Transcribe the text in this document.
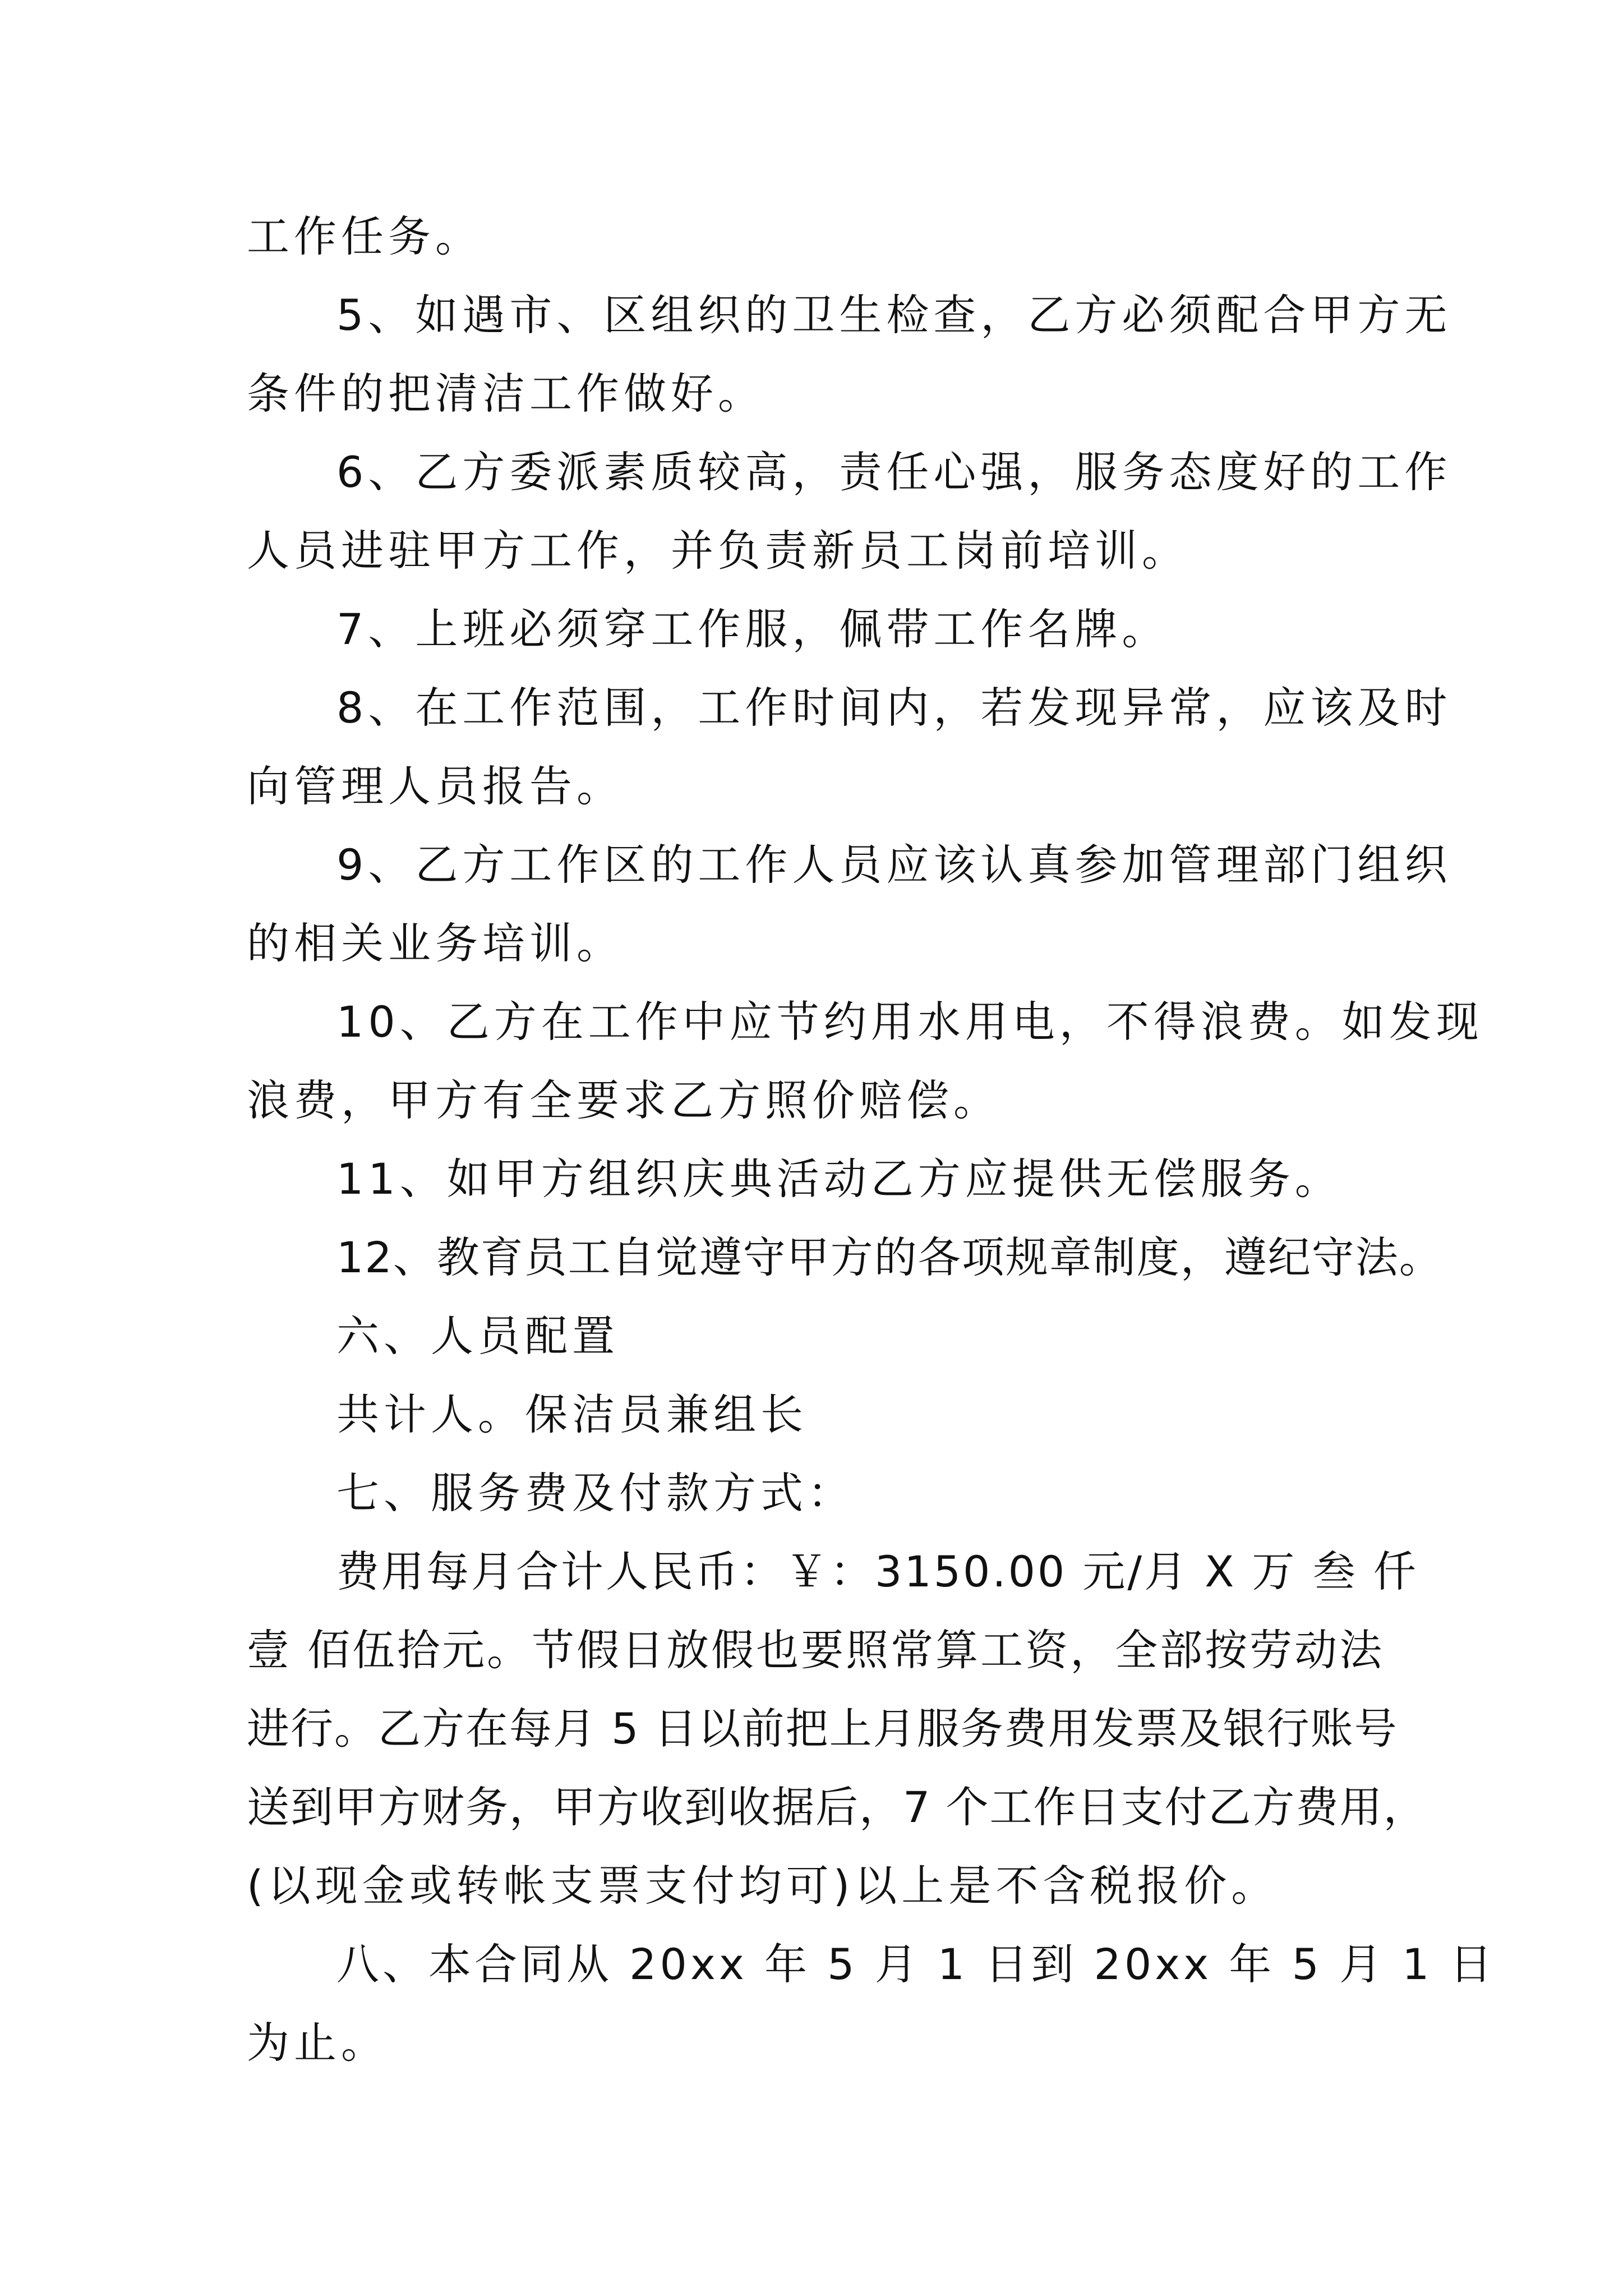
工作任务。
5、如遇市、区组织的卫生检查，乙方必须配合甲方无
条件的把清洁工作做好。
6、乙方委派素质较高，责任心强，服务态度好的工作
人员进驻甲方工作，并负责新员工岗前培训。
7、上班必须穿工作服，佩带工作名牌。
8、在工作范围，工作时间内，若发现异常，应该及时
向管理人员报告。
9、乙方工作区的工作人员应该认真参加管理部门组织
的相关业务培训。
10、乙方在工作中应节约用水用电，不得浪费。如发现
浪费，甲方有全要求乙方照价赔偿。
11、如甲方组织庆典活动乙方应提供无偿服务。
12、教育员工自觉遵守甲方的各项规章制度，遵纪守法。
六、人员配置
共计人。保洁员兼组长
七、服务费及付款方式：
费用每月合计人民币：￥：3150.00 元/月 X 万 叁 仟
壹 佰伍拾元。节假日放假也要照常算工资，全部按劳动法
进行。乙方在每月 5 日以前把上月服务费用发票及银行账号
送到甲方财务，甲方收到收据后，7 个工作日支付乙方费用，
(以现金或转帐支票支付均可)以上是不含税报价。
八、本合同从 20xx 年 5 月 1 日到 20xx 年 5 月 1 日
为止。
